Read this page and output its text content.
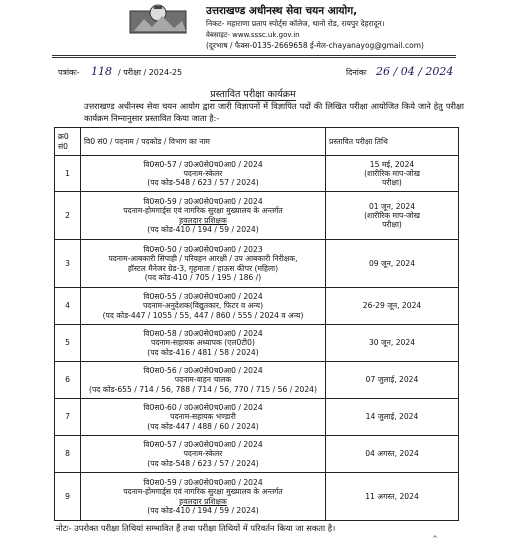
उत्तराखण्ड अधीनस्थ सेवा चयन आयोग,
निकट- महाराणा प्रताप स्पोर्ट्स कॉलेज, थानो रोड, रायपुर देहरादून।
वेबसाइट- www.sssc.uk.gov.in
(दूरभाष / फैक्स-0135-2669658 ई-मेल-chayanayog@gmail.com)
पत्रांकः- 118 / परीक्षा / 2024-25	दिनांकः 26 / 04 / 2024
प्रस्तावित परीक्षा कार्यक्रम
उत्तराखण्ड अधीनस्थ सेवा चयन आयोग द्वारा जारी विज्ञापनों में विज्ञापित पदों की लिखित परीक्षा आयोजित किये जाने हेतु परीक्षा कार्यक्रम निम्नानुसार प्रस्तावित किया जाता है:-
क्र0 सं0	वि0 सं0 / पदनाम / पदकोड / विभाग का नाम	प्रस्तावित परीक्षा तिथि
1	वि0स0-57 / उ0अ0से0च0आ0 / 2024
पदनाम-स्केलर
(पद कोड-548 / 623 / 57 / 2024)	15 मई, 2024
(शारीरिक माप-जोख
परीक्षा)

2	वि0स0-59 / उ0अ0से0च0आ0 / 2024
पदनाम-होमगार्ड्स एवं नागरिक सुरक्षा मुख्यालय के अन्तर्गत
हवलदार प्रशिक्षक
(पद कोड-410 / 194 / 59 / 2024)	01 जून, 2024
(शारीरिक माप-जोख
परीक्षा)

3	वि0स0-50 / उ0अ0से0च0आ0 / 2023
पदनाम-आबकारी सिपाही / परिवहन आरक्षी / उप आबकारी निरीक्षक,
हॉस्टल मैनेजर ग्रेड-3, गृहमाता / हाऊस कीपर (महिला)
(पद कोड-410 / 705 / 195 / 186 /)	09 जून, 2024

4	वि0स0-55 / उ0अ0से0च0आ0 / 2024
पदनाम-अनुदेशक(विद्युतकार, फिटर व अन्य)
(पद कोड-447 / 1055 / 55, 447 / 860 / 555 / 2024 व अन्य)	26-29 जून, 2024

5	वि0स0-58 / उ0अ0से0च0आ0 / 2024
पदनाम-सहायक अध्यापक (एल0टी0)
(पद कोड-416 / 481 / 58 / 2024)	30 जून, 2024

6	वि0स0-56 / उ0अ0से0च0आ0 / 2024
पदनाम-वाहन चालक
(पद कोड-655 / 714 / 56, 788 / 714 / 56, 770 / 715 / 56 / 2024)	07 जुलाई, 2024

7	वि0स0-60 / उ0अ0से0च0आ0 / 2024
पदनाम-सहायक भण्डारी
(पद कोड-447 / 488 / 60 / 2024)	14 जुलाई, 2024

8	वि0स0-57 / उ0अ0से0च0आ0 / 2024
पदनाम-स्केलर
(पद कोड-548 / 623 / 57 / 2024)	04 अगस्त, 2024

9	वि0स0-59 / उ0अ0से0च0आ0 / 2024
पदनाम-होमगार्ड्स एवं नागरिक सुरक्षा मुख्यालय के अन्तर्गत
हवलदार प्रशिक्षक
(पद कोड-410 / 194 / 59 / 2024)	11 अगस्त, 2024
नोटः- उपरोक्त परीक्षा तिथियां सम्भावित हैं तथा परीक्षा तिथियों में परिवर्तन किया जा सकता है।
^
